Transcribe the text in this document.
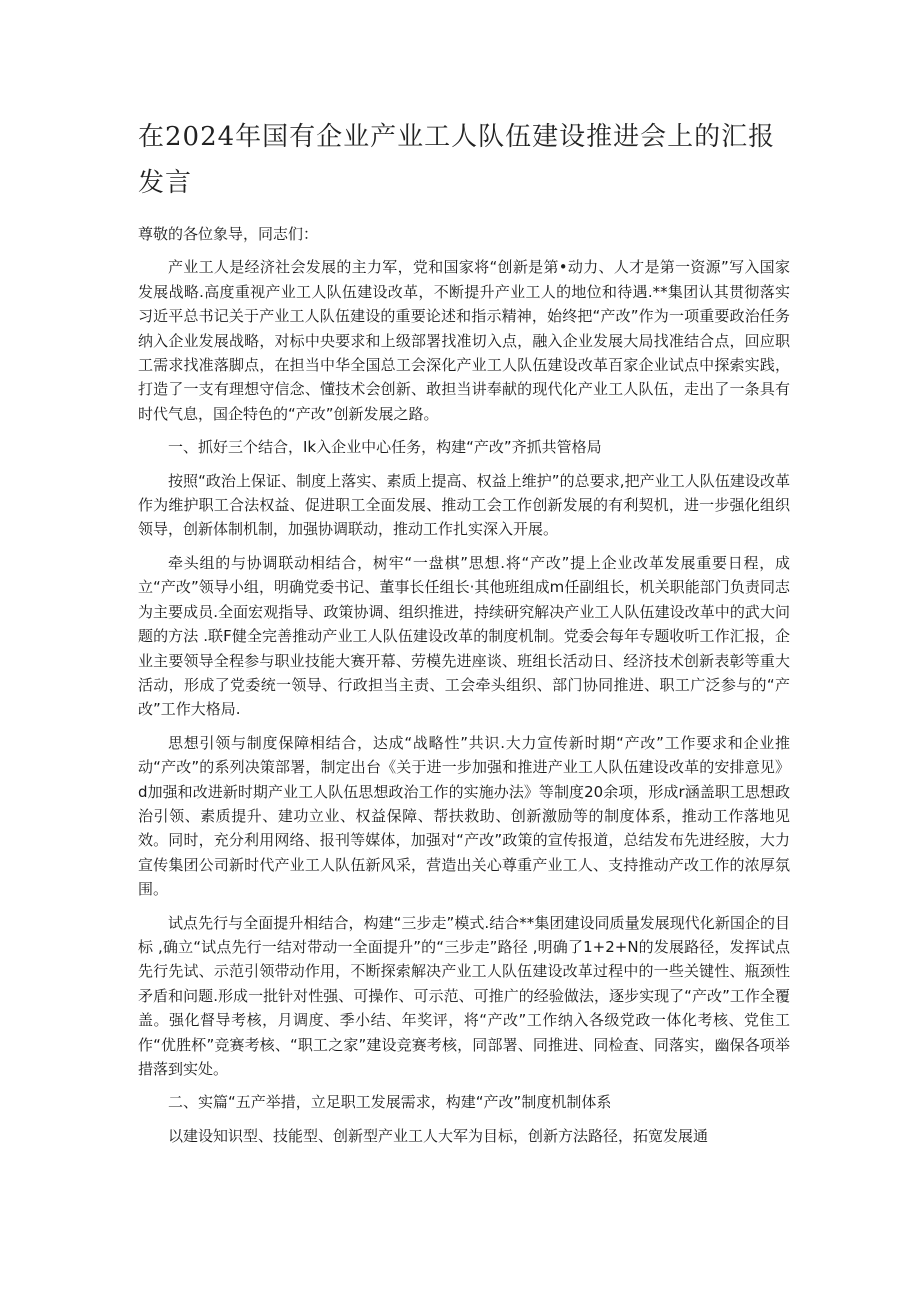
在2024年国有企业产业工人队伍建设推进会上的汇报发言

尊敬的各位象导，同志们：

产业工人是经济社会发展的主力军，党和国家将“创新是第•动力、人才是第一资源”写入国家发展战略.高度重视产业工人队伍建设改革，不断提升产业工人的地位和待遇.**集团认其贯彻落实习近平总书记关于产业工人队伍建设的重要论述和指示精神，始终把“产改”作为一项重要政治任务纳入企业发展战略，对标中央要求和上级部署找准切入点，融入企业发展大局找准结合点，回应职工需求找准落脚点，在担当中华全国总工会深化产业工人队伍建设改革百家企业试点中探索实践，打造了一支有理想守信念、懂技术会创新、敢担当讲奉献的现代化产业工人队伍，走出了一条具有时代气息，国企特色的“产改”创新发展之路。

一、抓好三个结合，Ik入企业中心任务，构建“产改”齐抓共管格局

按照“政治上保证、制度上落实、素质上提高、权益上维护”的总要求,把产业工人队伍建设改革作为维护职工合法权益、促进职工全面发展、推动工会工作创新发展的有利契机，进一步强化组织领导，创新体制机制，加强协调联动，推动工作扎实深入开展。

牵头组的与协调联动相结合，树牢“一盘棋”思想.将“产改”提上企业改革发展重要日程，成立“产改”领导小组，明确党委书记、董事长任组长·其他班组成m任副组长，机关职能部门负责同志为主要成员.全面宏观指导、政策协调、组织推进，持续研究解决产业工人队伍建设改革中的武大问题的方法 .联F健全完善推动产业工人队伍建设改革的制度机制。党委会每年专题收听工作汇报，企业主要领导全程参与职业技能大赛开幕、劳模先进座谈、班组长活动日、经济技术创新表彰等重大活动，形成了党委统一领导、行政担当主责、工会牵头组织、部门协同推进、职工广泛参与的“产改”工作大格局.

思想引领与制度保障相结合，达成“战略性”共识.大力宣传新时期“产改”工作要求和企业推动“产改”的系列决策部署，制定出台《关于进一步加强和推进产业工人队伍建设改革的安排意见》d加强和改进新时期产业工人队伍思想政治工作的实施办法》等制度20余项，形成r涵盖职工思想政治引领、素质提升、建功立业、权益保障、帮扶救助、创新激励等的制度体系，推动工作落地见效。同时，充分利用网络、报刊等媒体，加强对“产改”政策的宣传报道，总结发布先进经胺，大力宣传集团公司新时代产业工人队伍新风采，营造出关心尊重产业工人、支持推动产改工作的浓厚氛围。

试点先行与全面提升相结合，构建“三步走”模式.结合**集团建设同质量发展现代化新国企的目标 ,确立“试点先行一结对带动一全面提升”的“三步走”路径 ,明确了1+2+N的发展路径，发挥试点先行先试、示范引领带动作用，不断探索解决产业工人队伍建设改革过程中的一些关键性、瓶颈性矛盾和问题.形成一批针对性强、可操作、可示范、可推广的经验做法，逐步实现了“产改”工作全覆盖。强化督导考核，月调度、季小结、年奖评，将“产改”工作纳入各级党政一体化考核、党隹工作“优胜杯”竞赛考核、“职工之家”建设竞赛考核，同部署、同推进、同检查、同落实，幽保各项举措落到实处。

二、实篇“五产举措，立足职工发展需求，构建“产改”制度机制体系

以建设知识型、技能型、创新型产业工人大军为目标，创新方法路径，拓宽发展通
